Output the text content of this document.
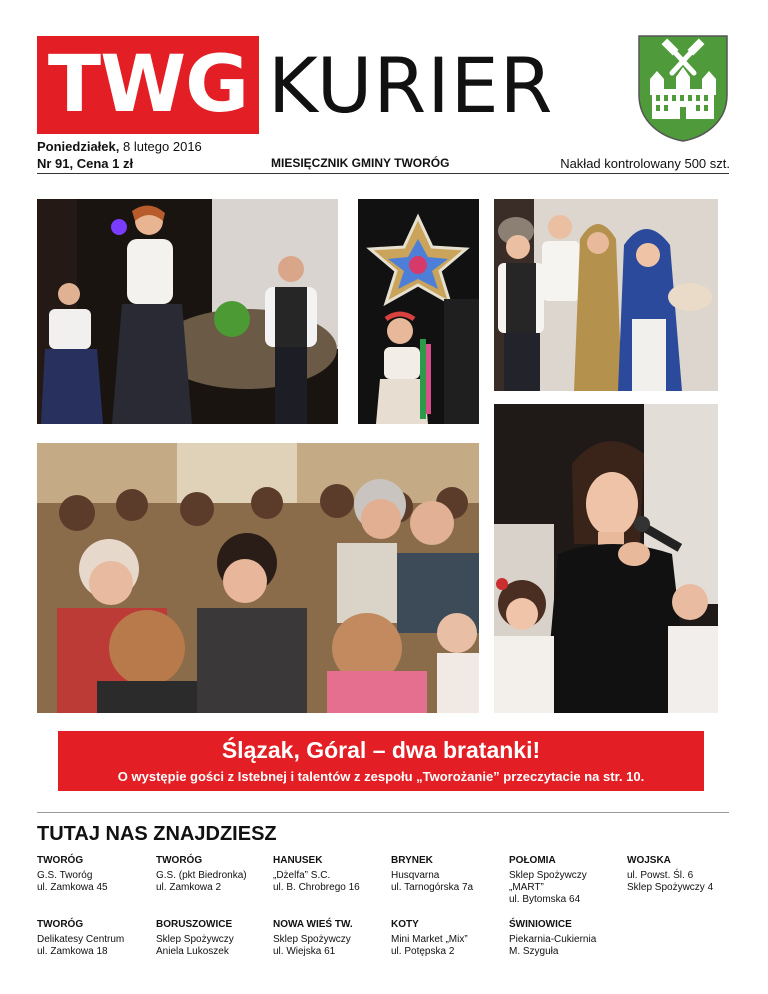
TWG KURIER
Poniedziałek, 8 lutego 2016
Nr 91, Cena 1 zł	MIESIĘCZNIK GMINY TWORÓG	Nakład kontrolowany 500 szt.
Ślązak, Góral – dwa bratanki!
O występie gości z Istebnej i talentów z zespołu „Tworożanie” przeczytacie na str. 10.
TUTAJ NAS ZNAJDZIESZ
TWORÓG
G.S. Tworóg
ul. Zamkowa 45
TWORÓG
G.S. (pkt Biedronka)
ul. Zamkowa 2
HANUSEK
„Dżelfa” S.C.
ul. B. Chrobrego 16
BRYNEK
Husqvarna
ul. Tarnogórska 7a
POŁOMIA
Sklep Spożywczy
„MART”
ul. Bytomska 64
WOJSKA
ul. Powst. Śl. 6
Sklep Spożywczy 4
TWORÓG
Delikatesy Centrum
ul. Zamkowa 18
BORUSZOWICE
Sklep Spożywczy
Aniela Lukoszek
NOWA WIEŚ TW.
Sklep Spożywczy
ul. Wiejska 61
KOTY
Mini Market „Mix”
ul. Potępska 2
ŚWINIOWICE
Piekarnia-Cukiernia
M. Szyguła
